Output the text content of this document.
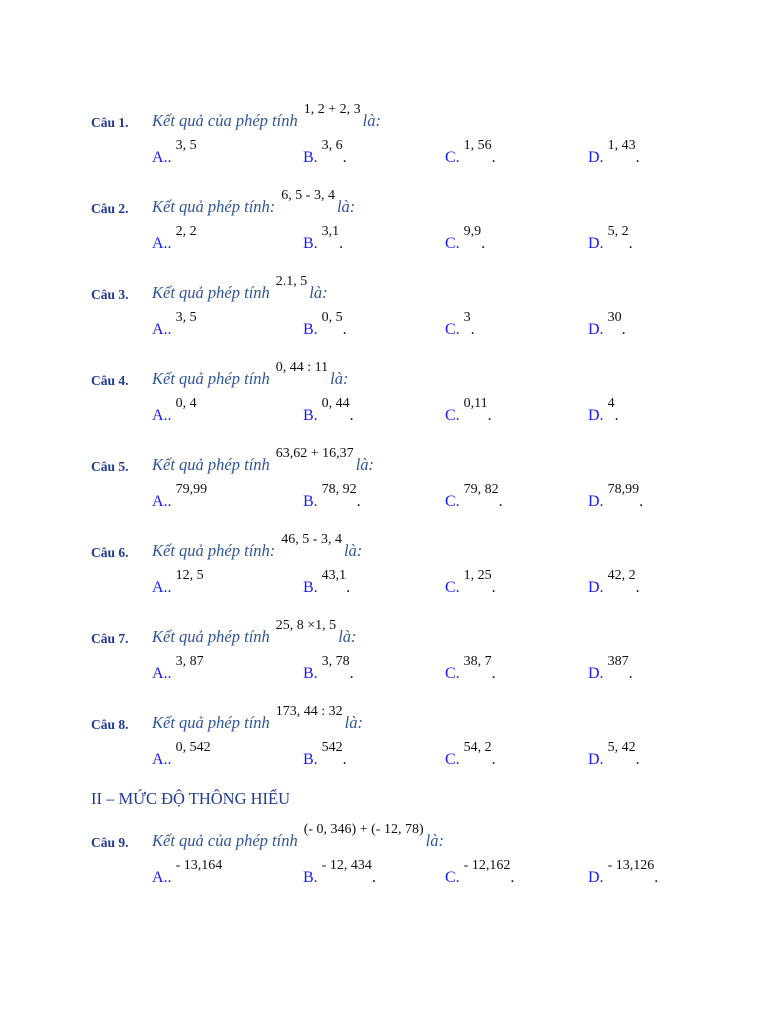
Câu 1. Kết quả của phép tính1, 2 + 2, 3là:
A..3, 5
B.3, 6.	C.1, 56.	D.1, 43.
Câu 2. Kết quả phép tính:6, 5 - 3, 4là:
A..2, 2
B.3,1.	C.9,9.	D.5, 2.
Câu 3. Kết quả phép tính2.1, 5là:
A..3, 5
B.0, 5.	C.3.	D.30.
Câu 4. Kết quả phép tính0, 44 : 11là:
A..0, 4
B.0, 44.	C.0,11.	D.4.
Câu 5. Kết quả phép tính63,62 + 16,37là:
A..79,99
B.78, 92.	C.79, 82.	D.78,99.
Câu 6. Kết quả phép tính:46, 5 - 3, 4là:
A..12, 5
B.43,1.	C.1, 25.	D.42, 2.
Câu 7. Kết quả phép tính25, 8 ×1, 5là:
A..3, 87
B.3, 78.	C.38, 7.	D.387.
Câu 8. Kết quả phép tính173, 44 : 32là:
A..0, 542
B.542.	C.54, 2.	D.5, 42.
II – MỨC ĐỘ THÔNG HIỂU
Câu 9. Kết quả của phép tính(- 0, 346) + (- 12, 78)là:
A..- 13,164
B.- 12, 434.	C.- 12,162.	D.- 13,126.
